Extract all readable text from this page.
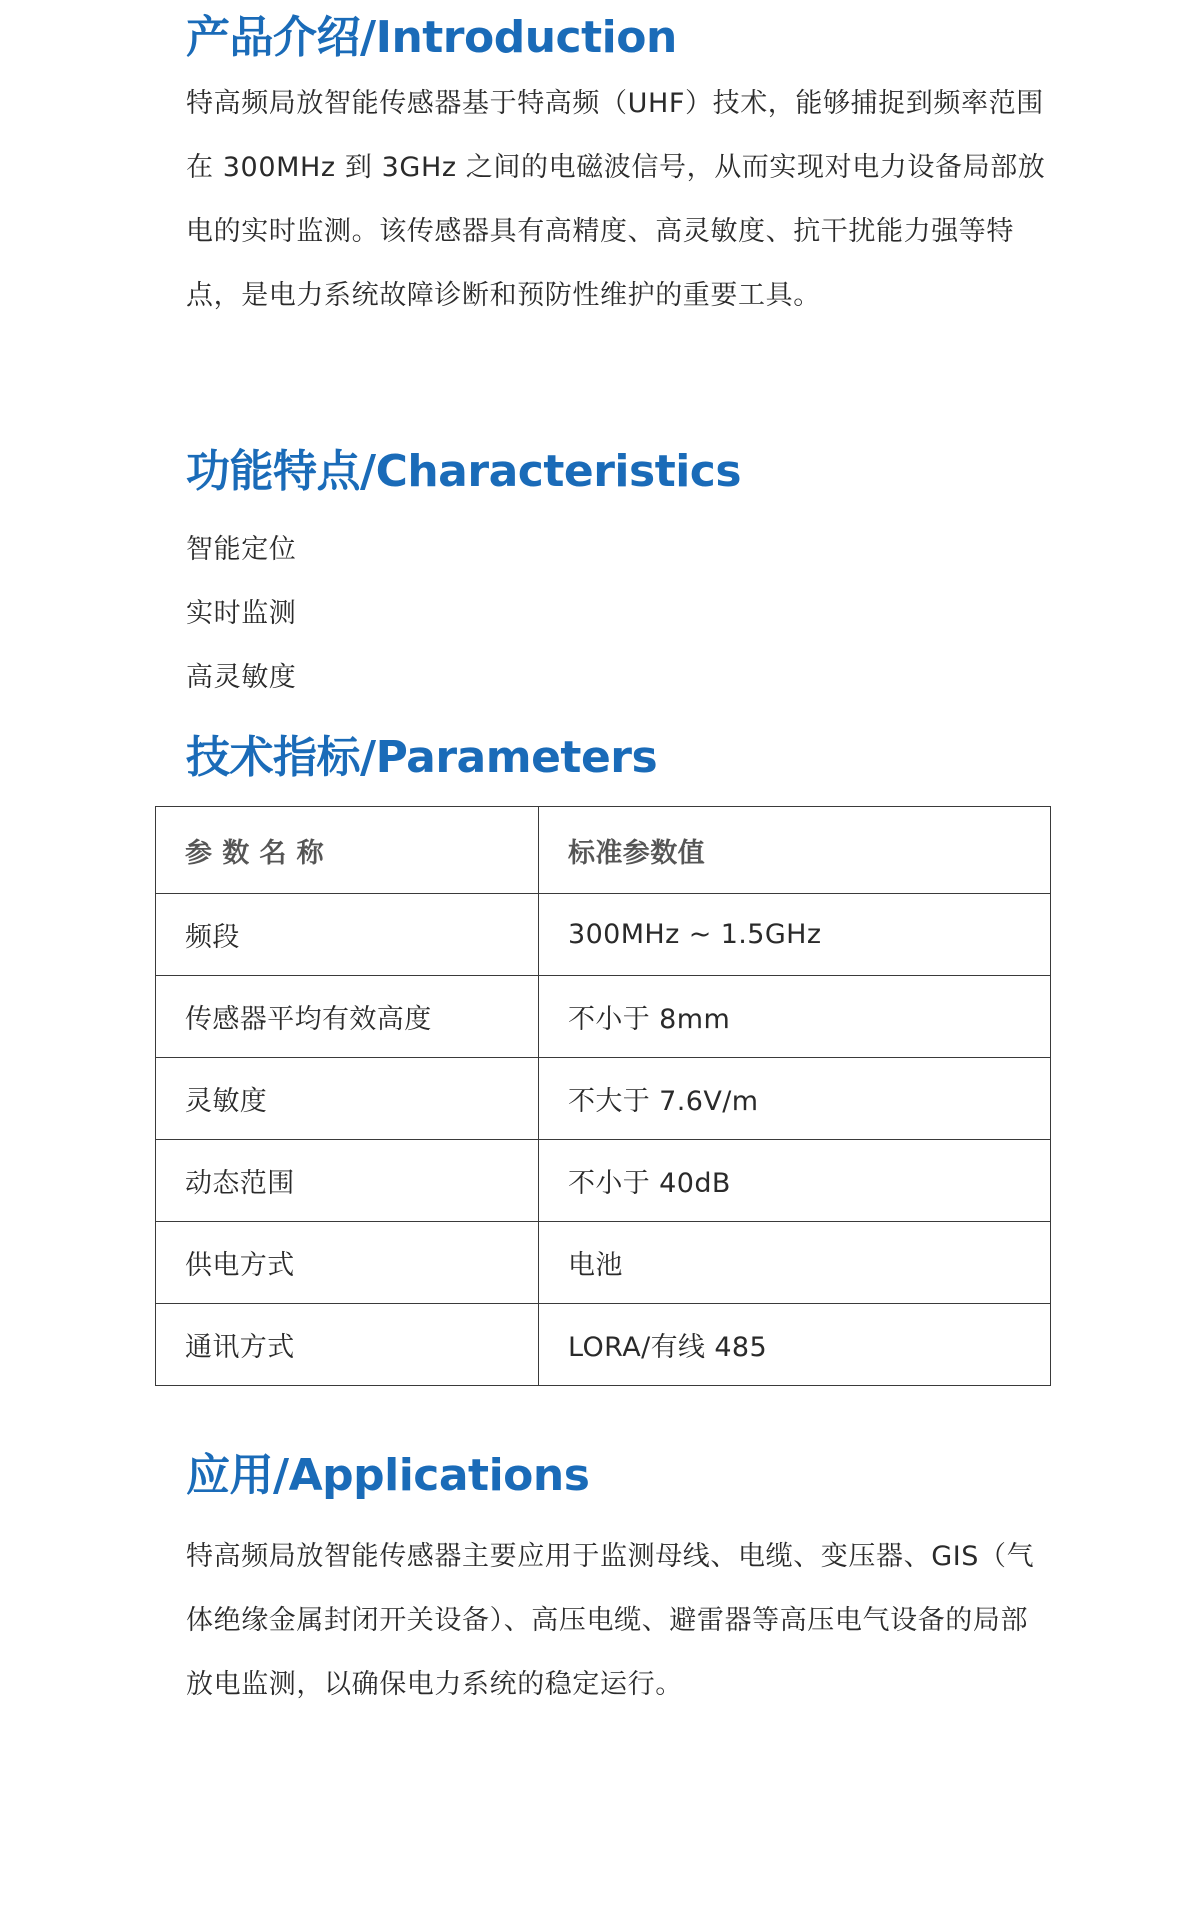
产品介绍/Introduction

特高频局放智能传感器基于特高频（UHF）技术，能够捕捉到频率范围在 300MHz 到 3GHz 之间的电磁波信号，从而实现对电力设备局部放电的实时监测。该传感器具有高精度、高灵敏度、抗干扰能力强等特点，是电力系统故障诊断和预防性维护的重要工具。

功能特点/Characteristics
智能定位
实时监测
高灵敏度
技术指标/Parameters
参 数 名 称	标准参数值
频段	300MHz ~ 1.5GHz
传感器平均有效高度	不小于 8mm
灵敏度	不大于 7.6V/m
动态范围	不小于 40dB
供电方式	电池
通讯方式	LORA/有线 485
应用/Applications

特高频局放智能传感器主要应用于监测母线、电缆、变压器、GIS（气体绝缘金属封闭开关设备）、高压电缆、避雷器等高压电气设备的局部放电监测，以确保电力系统的稳定运行。
